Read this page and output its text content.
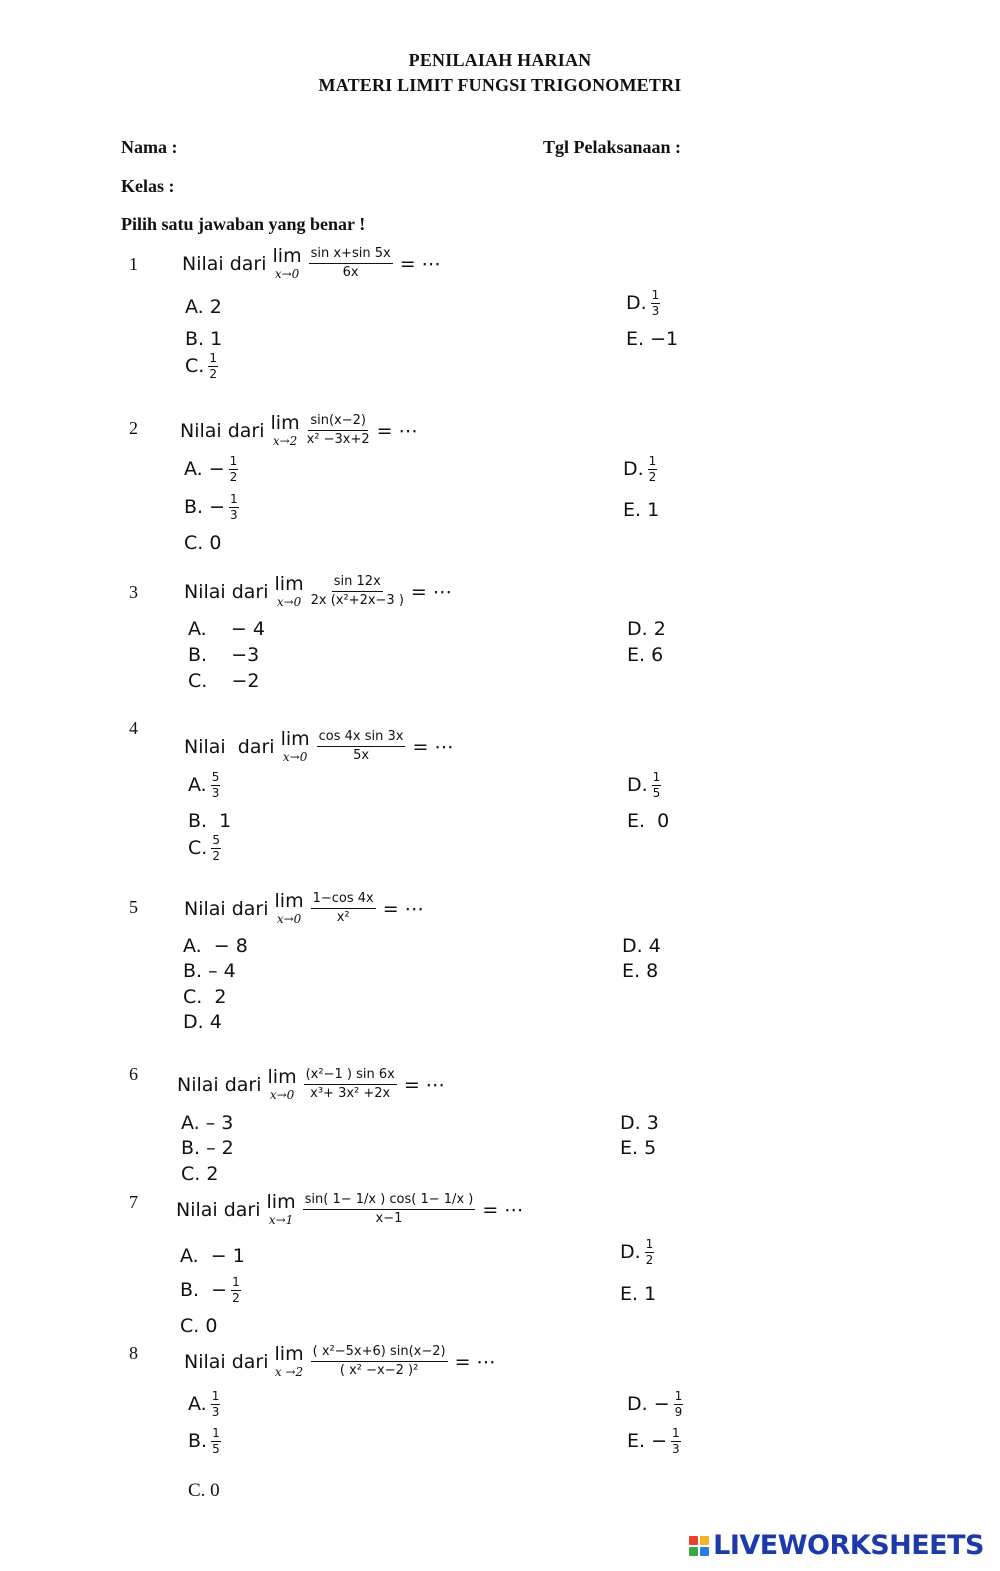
PENILAIAH HARIAN
MATERI LIMIT FUNGSI TRIGONOMETRI
Nama :	Tgl Pelaksanaan :
Kelas :
Pilih satu jawaban yang benar !
1 Nilai dari lim
$x\to 0 \frac{\text{sin x+sin 5x}}{6x}$ = ⋯
A. 2
B. 1
C. $\frac{1}{2}$
D. $\frac{1}{3}$
E. −1
2 Nilai dari lim
$x\to 2 \frac{\sin(x-2)}{\text{x² −3x+2}}$ = ⋯
A. − $\frac{1}{2}$
B. − $\frac{1}{3}$
C. 0
D. $\frac{1}{2}$
E. 1
3 Nilai dari lim
$x\to 0 \frac{\sin 12x}{\text{2x (x²+2x−3 )}}$ = ⋯
A.    − 4
B.    −3
C.    −2
D. 2
E. 6
4
Nilai  dari lim
$x\to 0 \frac{\text{cos 4x sin 3x}}{5x}$ = ⋯
A. $\frac{5}{3}$
B.  1
C. $\frac{5}{2}$
D. $\frac{1}{5}$
E.  0
5 Nilai dari lim
$x\to 0 \frac{1-\cos 4x}{\text{x²}}$ = ⋯
A.  − 8
B. – 4
C.  2
D. 4
D. 4
E. 8
6 Nilai dari lim
$x\to 0 \frac{\text{(x²−1 ) sin 6x}}{\text{x³+ 3x² +2x}}$ = ⋯
A. – 3
B. – 2
C. 2
D. 3
E. 5
7 Nilai dari lim
$x\to 1 \frac{\sin( 1- 1/x ) \cos( 1- 1/x )}{x-1}$ = ⋯
A.  − 1
B.  − $\frac{1}{2}$
C. 0
D. $\frac{1}{2}$
E. 1
8 Nilai dari lim
$x \to 2 \frac{\text{( x²−5x+6) sin(x−2)}}{\text{( x² −x−2 )²}}$ = ⋯
A. $\frac{1}{3}$
B. $\frac{1}{5}$
C. 0
D. − $\frac{1}{9}$
E. − $\frac{1}{3}$
LIVEWORKSHEETS
